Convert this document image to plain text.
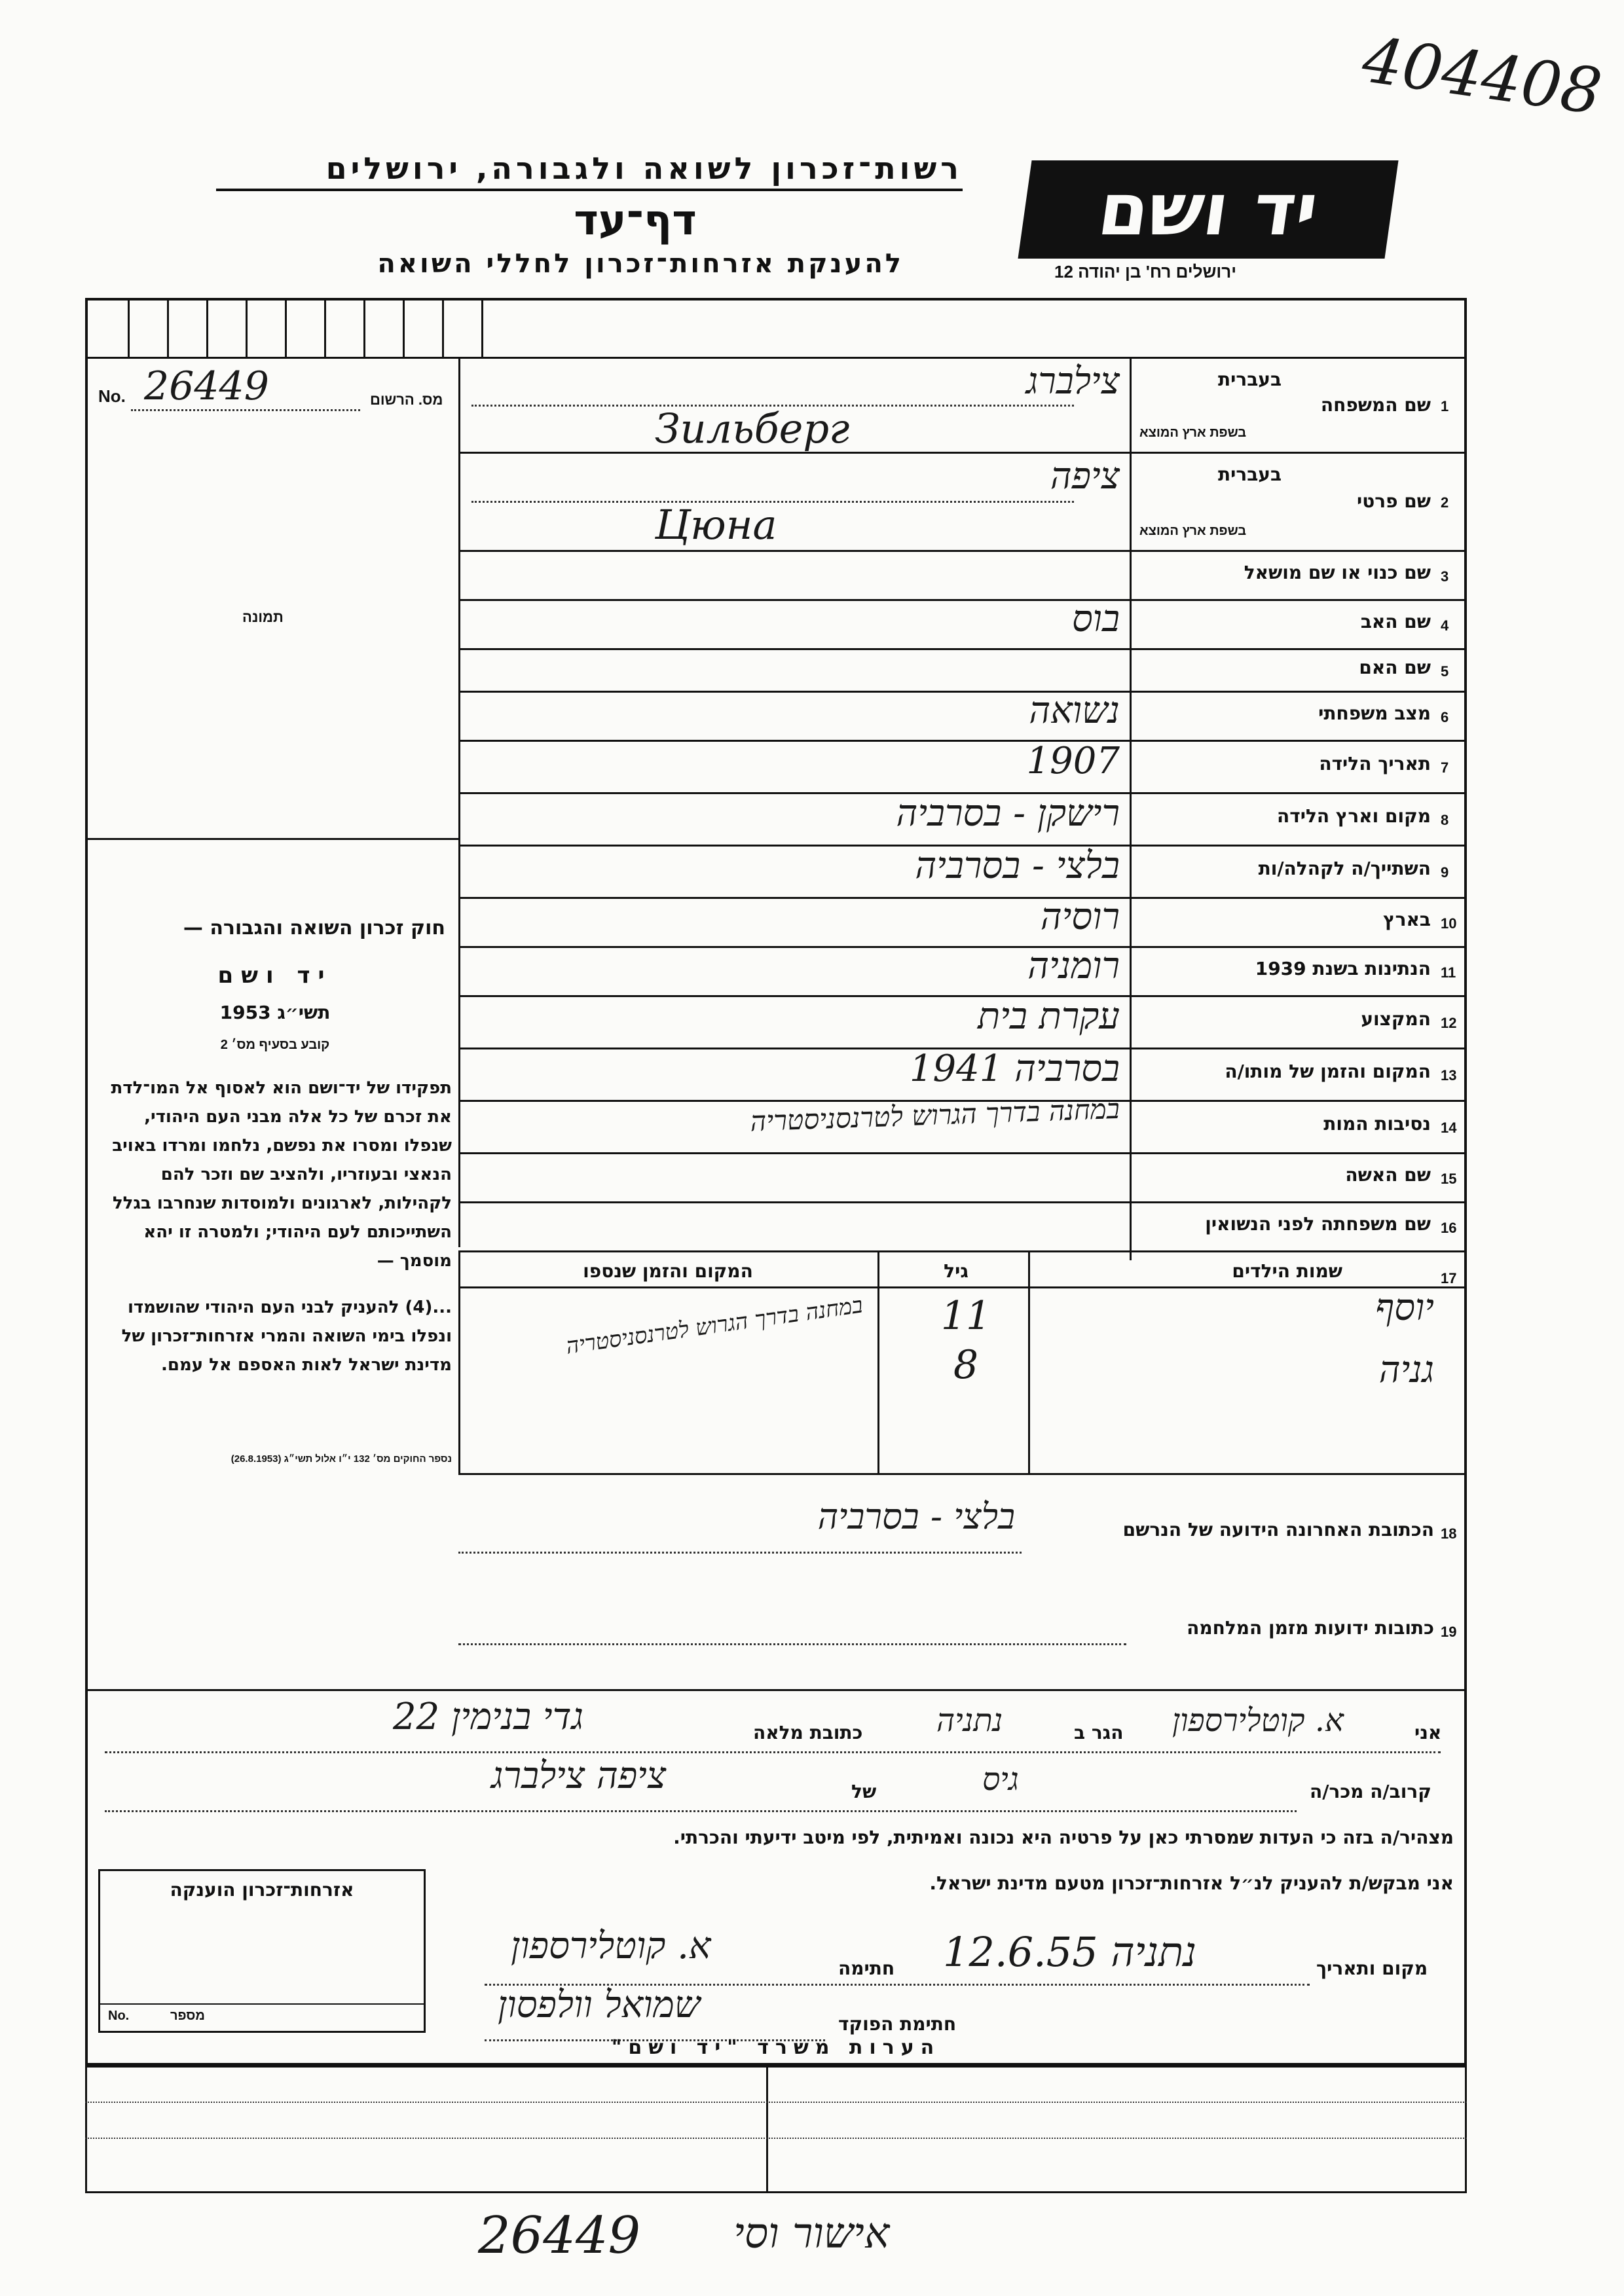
404408
יד ושם
ירושלים רח' בן יהודה 12
רשות־זכרון לשואה ולגבורה, ירושלים
דף־עד
להענקת אזרחות־זכרון לחללי השואה
No. 26449	מס. הרשום
תמונה
חוק זכרון השואה והגבורה —
יד ושם
תשי״ג 1953
קובע בסעיף מס׳ 2
תפקידו של יד־ושם הוא לאסוף אל המו־לדת את זכרם של כל אלה מבני העם היהודי, שנפלו ומסרו את נפשם, נלחמו ומרדו באויב הנאצי ובעוזריו, ולהציב שם וזכר להם לקהילות, לארגונים ולמוסדות שנחרבו בגלל השתייכותם לעם היהודי; ולמטרה זו יהא מוסמך —
...(4) להעניק לבני העם היהודי שהושמדו ונפלו בימי השואה והמרי אזרחות־זכרון של מדינת ישראל לאות האספם אל עמם.
נספר החוקים מס׳ 132 י״ו אלול תשי״ג (26.8.1953)
1
שם המשפחה
בעברית
בשפת ארץ המוצא
צילברג
Зильберг
2
שם פרטי
בעברית
בשפת ארץ המוצא
ציפה
Цюна
3
שם כנוי או שם מושאל
4
שם האב
בוס
5
שם האם
6
מצב משפחתי
נשואה
7
תאריך הלידה
1907
8
מקום וארץ הלידה
רישקן - בסרביה
9
השתייך/ה לקהלה/ות
בלצי - בסרביה
10
בארץ
רוסיה
11
הנתינות בשנת 1939
רומניה
12
המקצוע
עקרת בית
13
המקום והזמן של מותו/ה
בסרביה 1941
14
נסיבות המות
במחנה בדרך הגרוש לטרנסניסטריה
15
שם האשה
16
שם משפחתה לפני הנשואין
17
שמות הילדים
גיל
המקום והזמן שנספו
יוסף
גניה
11
8
במחנה בדרך הגרוש לטרנסניסטריה
18
הכתובת האחרונה הידועה של הנרשם
בלצי - בסרביה
19
כתובות ידועות מזמן המלחמה
אני
א. קוטלירספון
הגר ב
נתניה
כתובת מלאה
גדי בנימין 22
קרוב/ה מכר/ה
גיס
של
ציפה צילברג
מצהיר/ה בזה כי העדות שמסרתי כאן על פרטיה היא נכונה ואמיתית, לפי מיטב ידיעתי והכרתי.
אני מבקש/ת להעניק לנ״ל אזרחות־זכרון מטעם מדינת ישראל.
מקום ותאריך
נתניה 12.6.55
חתימה
א. קוטלירספון
חתימת הפוקד
שמואל וולפסון
אזרחות־זכרון הוענקה
No.	מספר
הערות משרד "יד ושם"
26449 אישור וסי
